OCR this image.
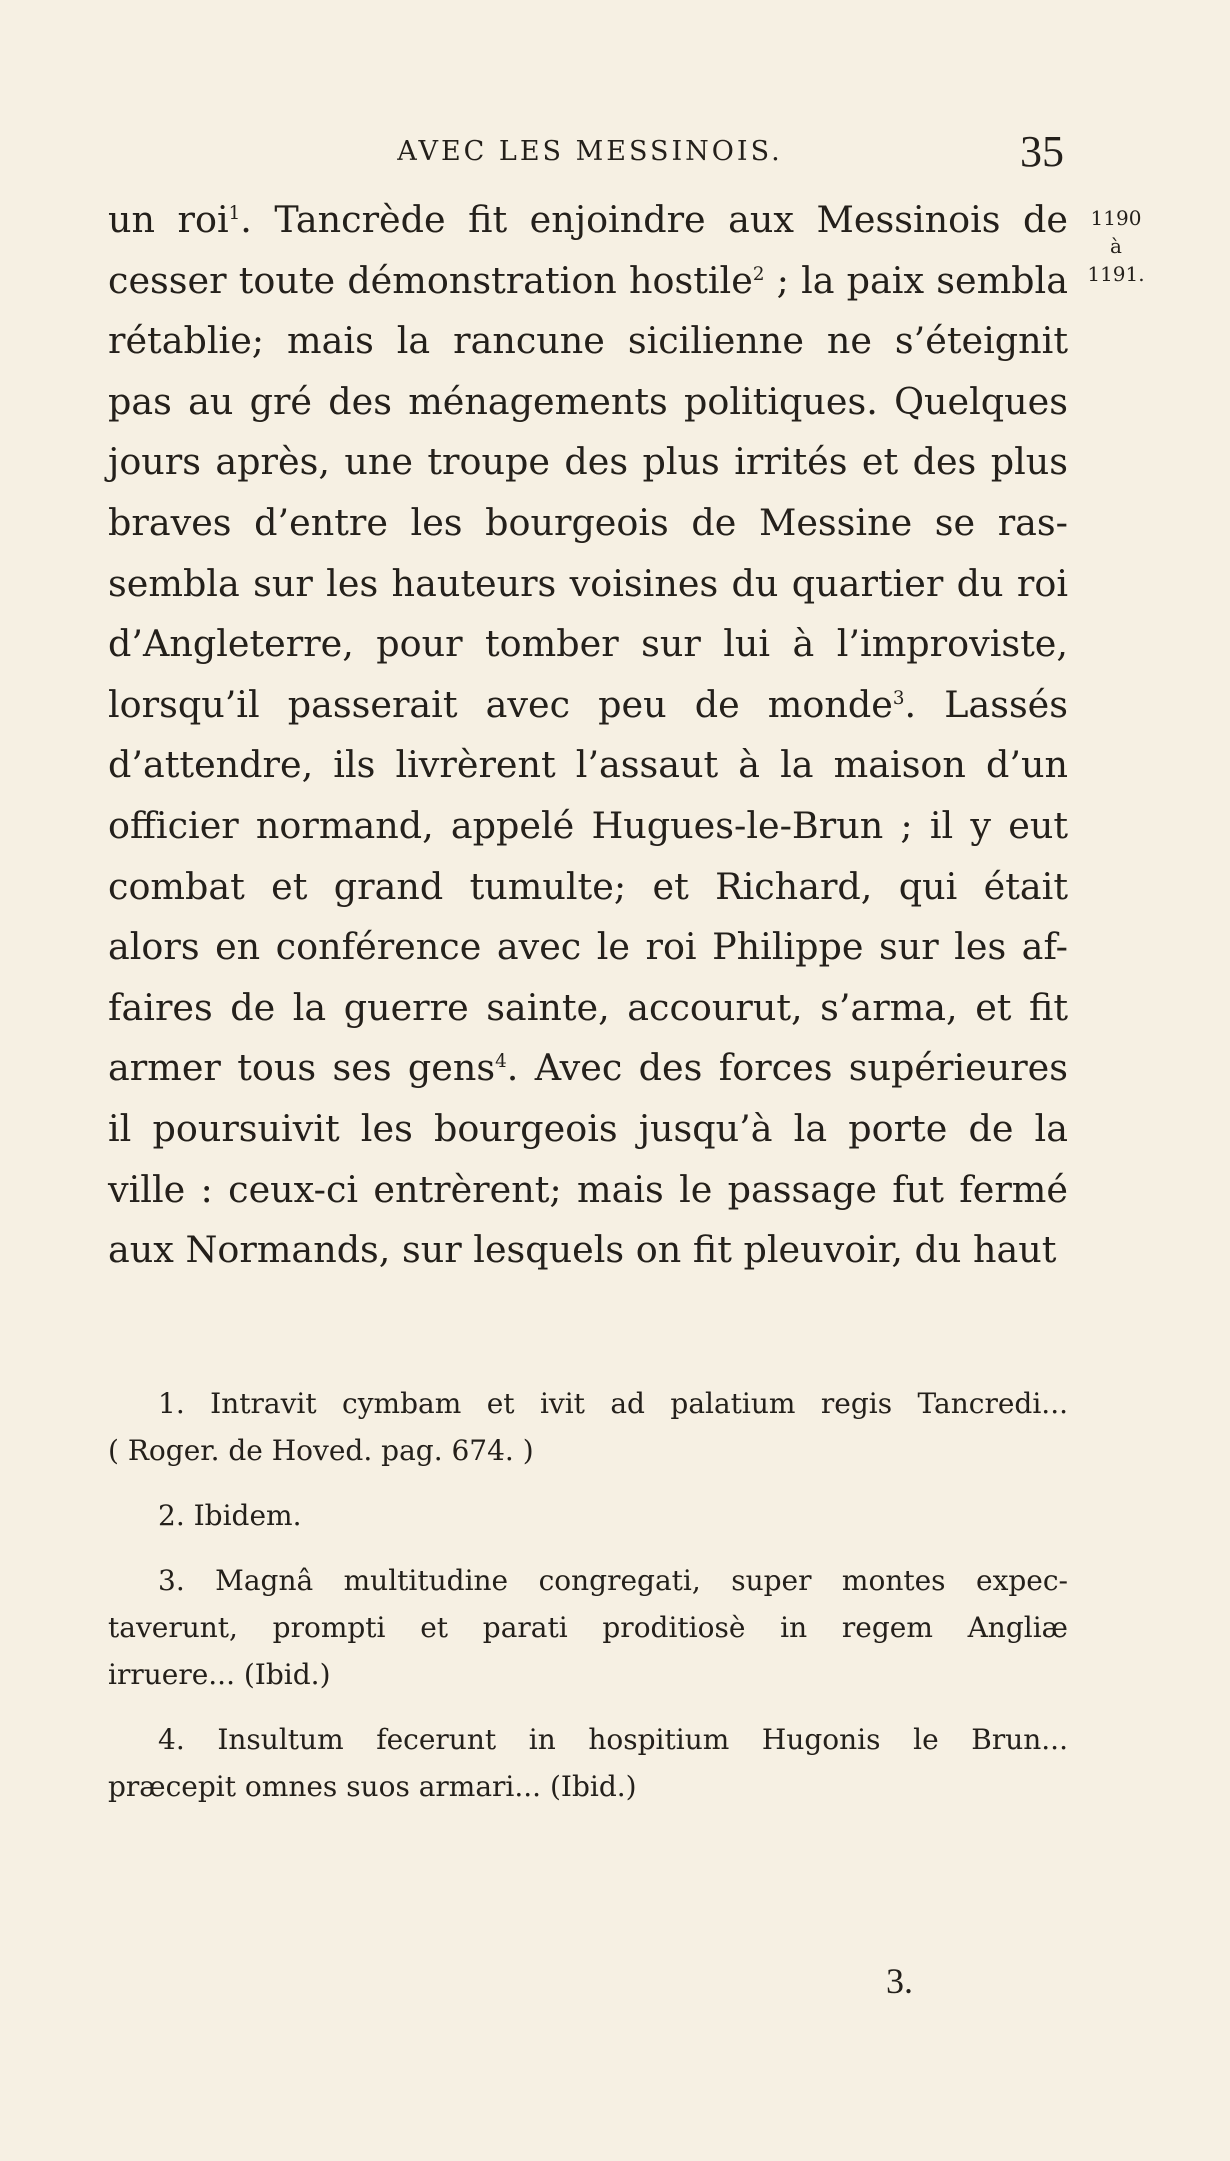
AVEC LES MESSINOIS.	35
1190
à
1191.
un roi$^1$. Tancrède fit enjoindre aux Messinois de
cesser toute démonstration hostile$^2$ ; la paix sembla
rétablie; mais la rancune sicilienne ne s’éteignit
pas au gré des ménagements politiques. Quelques
jours après, une troupe des plus irrités et des plus
braves d’entre les bourgeois de Messine se ras-
sembla sur les hauteurs voisines du quartier du roi
d’Angleterre, pour tomber sur lui à l’improviste,
lorsqu’il passerait avec peu de monde$^3$. Lassés
d’attendre, ils livrèrent l’assaut à la maison d’un
officier normand, appelé Hugues-le-Brun ; il y eut
combat et grand tumulte; et Richard, qui était
alors en conférence avec le roi Philippe sur les af-
faires de la guerre sainte, accourut, s’arma, et fit
armer tous ses gens$^4$. Avec des forces supérieures
il poursuivit les bourgeois jusqu’à la porte de la
ville : ceux-ci entrèrent; mais le passage fut fermé
aux Normands, sur lesquels on fit pleuvoir, du haut
1. Intravit cymbam et ivit ad palatium regis Tancredi...
( Roger. de Hoved. pag. 674. )
2. Ibidem.
3. Magnâ multitudine congregati, super montes expec-
taverunt, prompti et parati proditiosè in regem Angliæ
irruere... (Ibid.)
4. Insultum fecerunt in hospitium Hugonis le Brun...
præcepit omnes suos armari... (Ibid.)
3.
